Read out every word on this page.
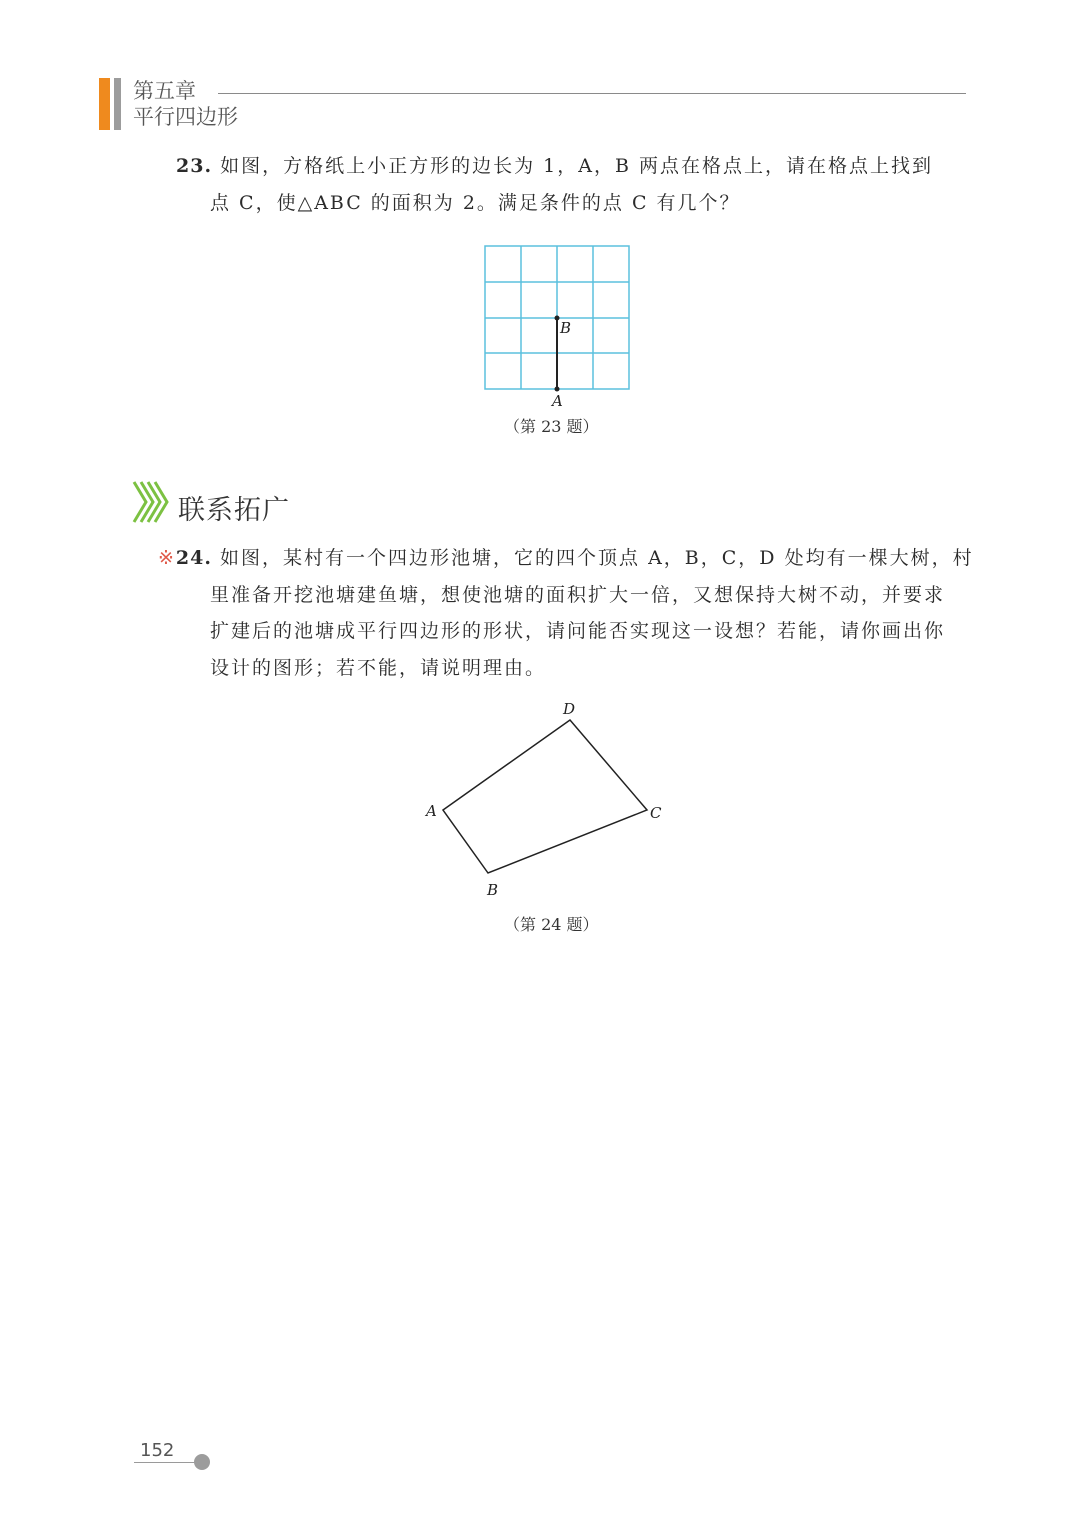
第五章
平行四边形
23. 如图，方格纸上小正方形的边长为 1，A，B 两点在格点上，请在格点上找到
点 C，使△ABC 的面积为 2。满足条件的点 C 有几个？
B
A
（第 23 题）
联系拓广
※24. 如图，某村有一个四边形池塘，它的四个顶点 A，B，C，D 处均有一棵大树，村
里准备开挖池塘建鱼塘，想使池塘的面积扩大一倍，又想保持大树不动，并要求
扩建后的池塘成平行四边形的形状，请问能否实现这一设想？若能，请你画出你
设计的图形；若不能，请说明理由。
A
D
C
B
（第 24 题）
152
